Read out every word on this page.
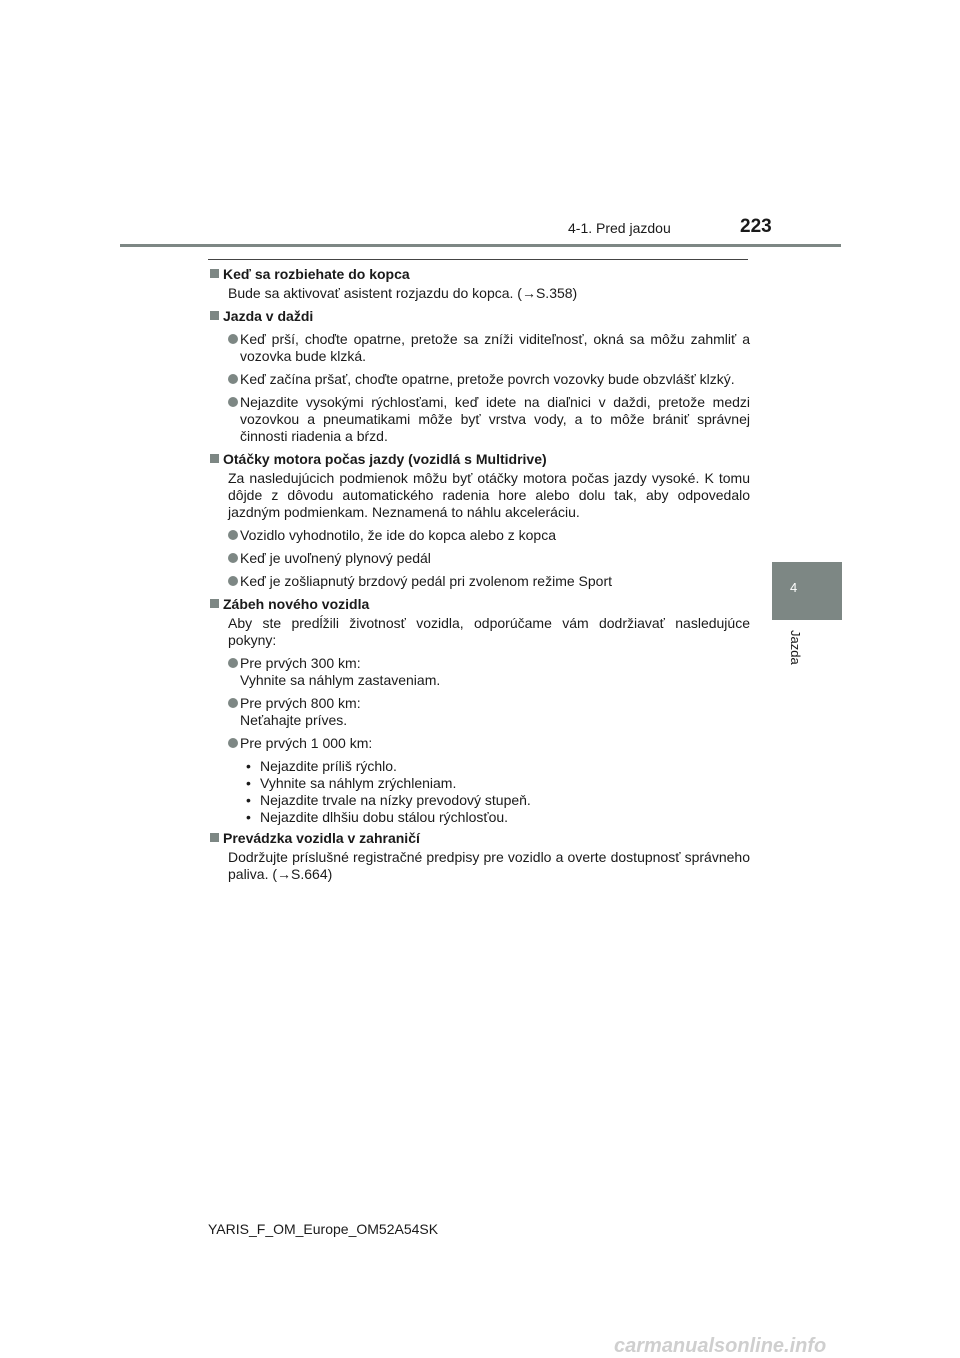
4-1. Pred jazdou	223
4
Jazda
Keď sa rozbiehate do kopca
Bude sa aktivovať asistent rozjazdu do kopca. (→S.358)
Jazda v daždi
Keď prší, choďte opatrne, pretože sa zníži viditeľnosť, okná sa môžu zahmliť a vozovka bude klzká.
Keď začína pršať, choďte opatrne, pretože povrch vozovky bude obzvlášť klzký.
Nejazdite vysokými rýchlosťami, keď idete na diaľnici v daždi, pretože medzi vozovkou a pneumatikami môže byť vrstva vody, a to môže brániť správnej činnosti riadenia a bŕzd.
Otáčky motora počas jazdy (vozidlá s Multidrive)
Za nasledujúcich podmienok môžu byť otáčky motora počas jazdy vysoké. K tomu dôjde z dôvodu automatického radenia hore alebo dolu tak, aby odpovedalo jazdným podmienkam. Neznamená to náhlu akceleráciu.
Vozidlo vyhodnotilo, že ide do kopca alebo z kopca
Keď je uvoľnený plynový pedál
Keď je zošliapnutý brzdový pedál pri zvolenom režime Sport
Zábeh nového vozidla
Aby ste predĺžili životnosť vozidla, odporúčame vám dodržiavať nasledujúce pokyny:
Pre prvých 300 km:
Vyhnite sa náhlym zastaveniam.
Pre prvých 800 km:
Neťahajte príves.
Pre prvých 1 000 km:
• Nejazdite príliš rýchlo.
• Vyhnite sa náhlym zrýchleniam.
• Nejazdite trvale na nízky prevodový stupeň.
• Nejazdite dlhšiu dobu stálou rýchlosťou.
Prevádzka vozidla v zahraničí
Dodržujte príslušné registračné predpisy pre vozidlo a overte dostupnosť správneho paliva. (→S.664)
YARIS_F_OM_Europe_OM52A54SK
carmanualsonline.info
